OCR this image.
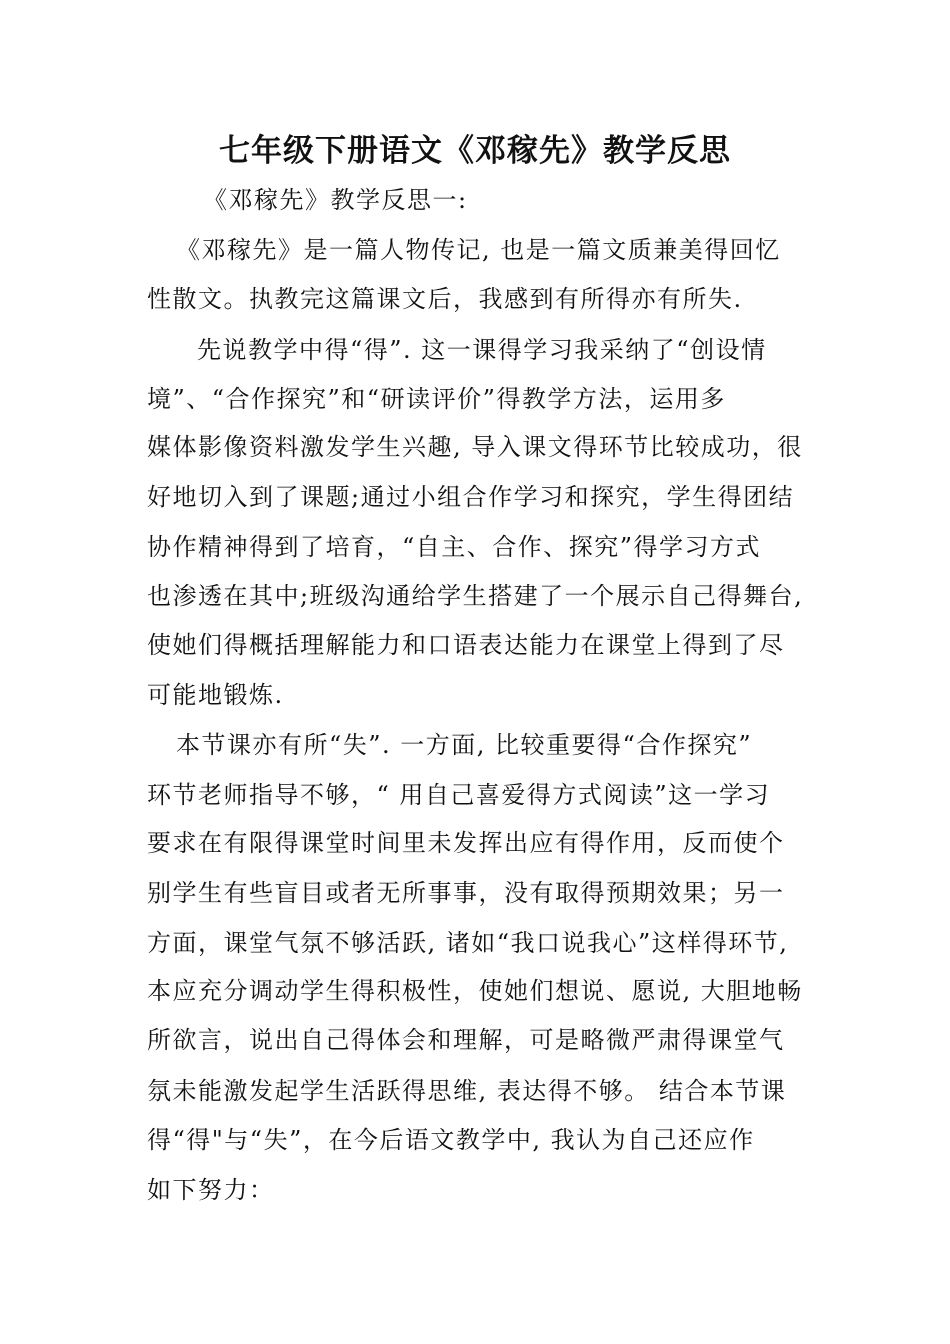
七年级下册语文《邓稼先》教学反思
《邓稼先》教学反思一:
《邓稼先》是一篇人物传记, 也是一篇文质兼美得回忆
性散文。执教完这篇课文后，我感到有所得亦有所失.
先说教学中得“得”. 这一课得学习我采纳了“创设情
境”、“合作探究”和“研读评价”得教学方法，运用多
媒体影像资料激发学生兴趣, 导入课文得环节比较成功，很
好地切入到了课题;通过小组合作学习和探究，学生得团结
协作精神得到了培育，“自主、合作、探究”得学习方式
也渗透在其中;班级沟通给学生搭建了一个展示自己得舞台,
使她们得概括理解能力和口语表达能力在课堂上得到了尽
可能地锻炼.
本节课亦有所“失”. 一方面, 比较重要得“合作探究”
环节老师指导不够，“ 用自己喜爱得方式阅读”这一学习
要求在有限得课堂时间里未发挥出应有得作用，反而使个
别学生有些盲目或者无所事事，没有取得预期效果；另一
方面，课堂气氛不够活跃, 诸如“我口说我心”这样得环节,
本应充分调动学生得积极性，使她们想说、愿说, 大胆地畅
所欲言，说出自己得体会和理解，可是略微严肃得课堂气
氛未能激发起学生活跃得思维, 表达得不够。 结合本节课
得“得"与“失”，在今后语文教学中, 我认为自己还应作
如下努力：
